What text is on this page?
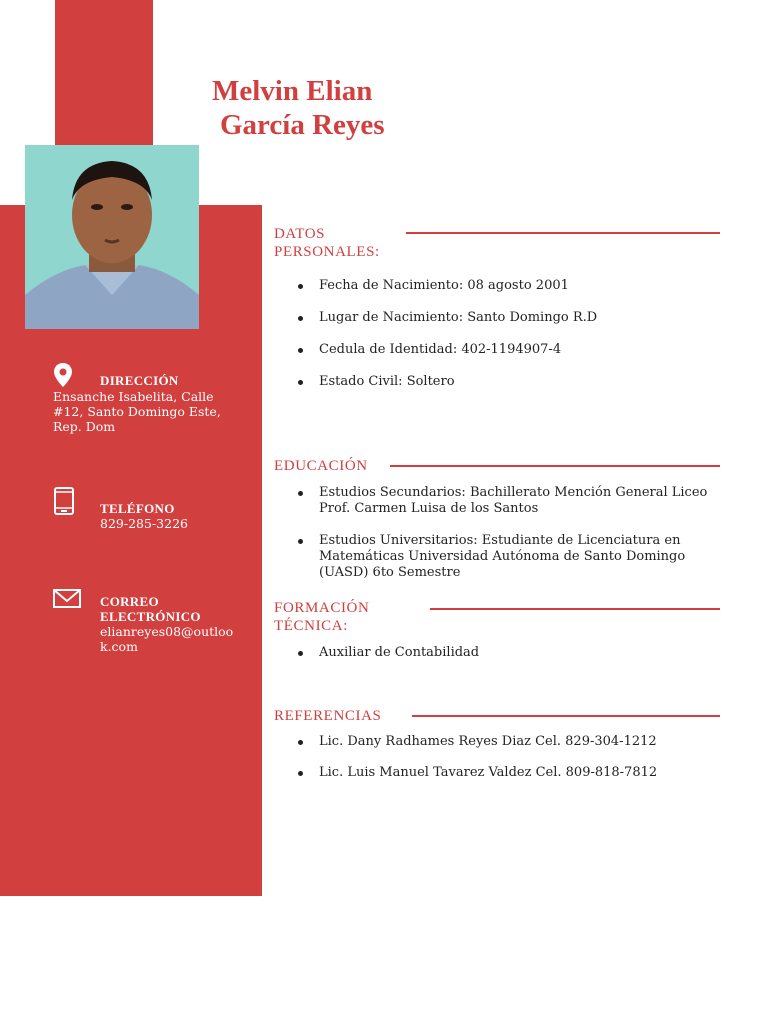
Melvin Elian
García Reyes
DIRECCIÓN
Ensanche Isabelita, Calle #12, Santo Domingo Este, Rep. Dom
TELÉFONO
829-285-3226
CORREO ELECTRÓNICO
elianreyes08@outlook.com
DATOS PERSONALES:
Fecha de Nacimiento: 08 agosto 2001
Lugar de Nacimiento: Santo Domingo R.D
Cedula de Identidad: 402-1194907-4
Estado Civil: Soltero
EDUCACIÓN
Estudios Secundarios: Bachillerato Mención General Liceo Prof. Carmen Luisa de los Santos
Estudios Universitarios: Estudiante de Licenciatura en Matemáticas Universidad Autónoma de Santo Domingo (UASD) 6to Semestre
FORMACIÓN TÉCNICA:
Auxiliar de Contabilidad
REFERENCIAS
Lic. Dany Radhames Reyes Diaz Cel. 829-304-1212
Lic. Luis Manuel Tavarez Valdez Cel. 809-818-7812
